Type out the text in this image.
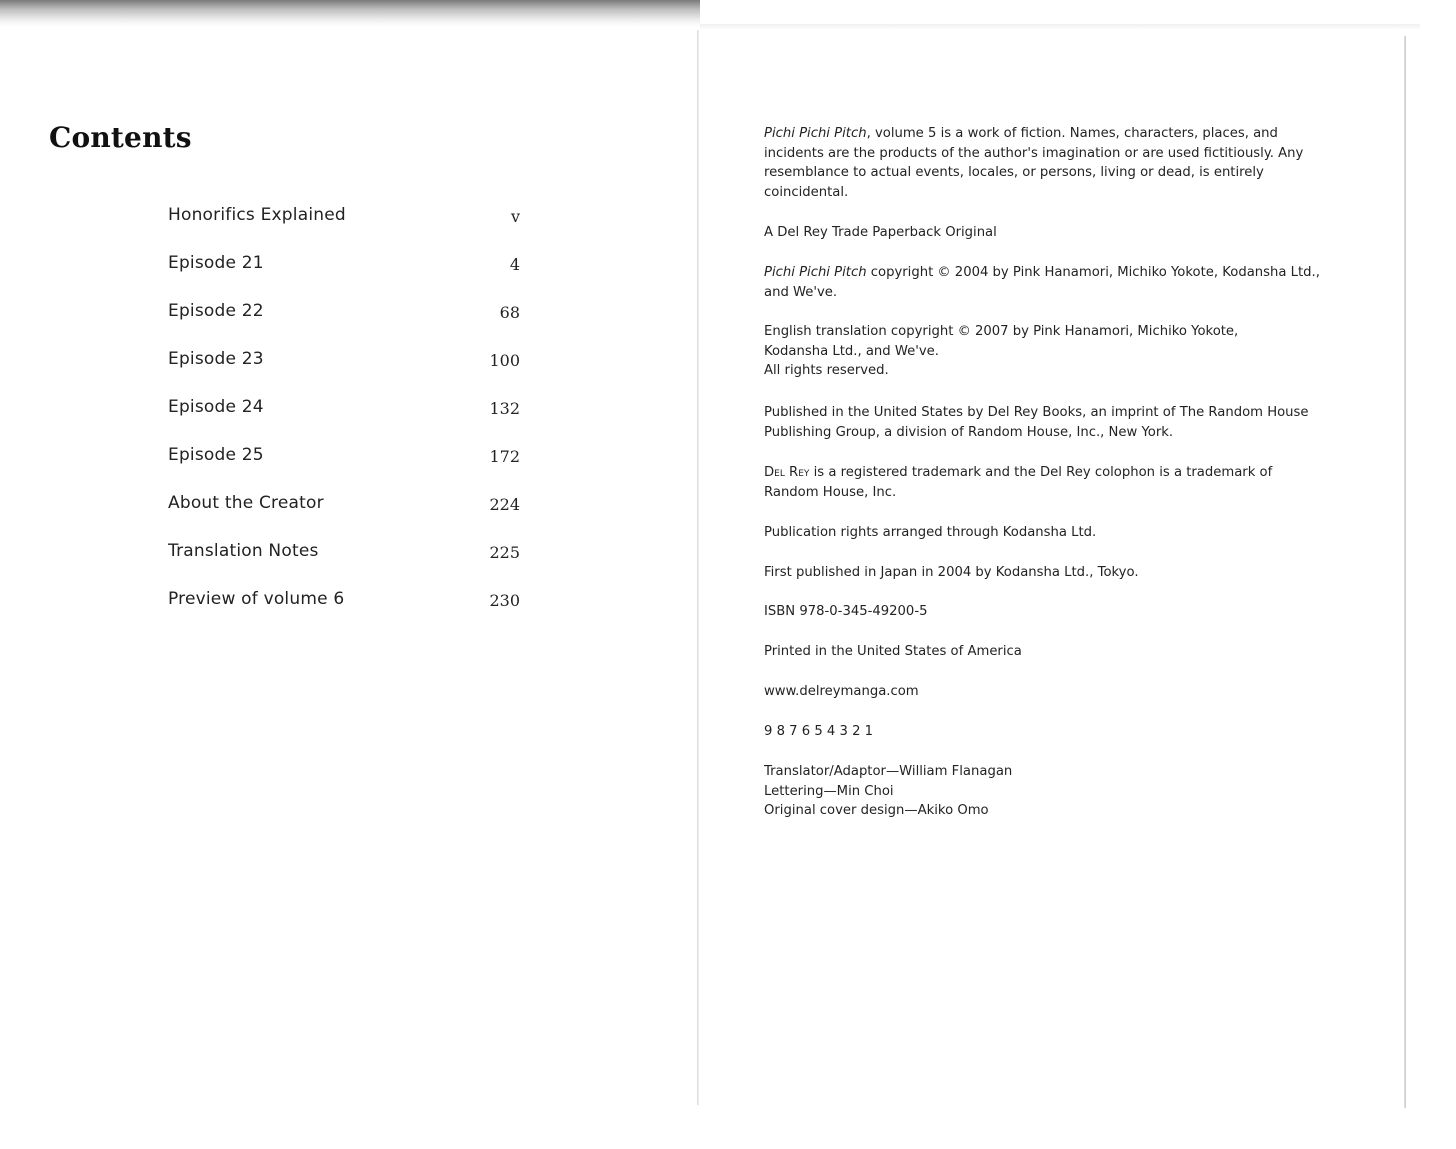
Contents
Honorifics Explained	v
Episode 21	4
Episode 22	68
Episode 23	100
Episode 24	132
Episode 25	172
About the Creator	224
Translation Notes	225
Preview of volume 6	230

Pichi Pichi Pitch, volume 5 is a work of fiction. Names, characters, places, and incidents are the products of the author's imagination or are used fictitiously. Any resemblance to actual events, locales, or persons, living or dead, is entirely coincidental.

A Del Rey Trade Paperback Original

Pichi Pichi Pitch copyright © 2004 by Pink Hanamori, Michiko Yokote, Kodansha Ltd., and We've.

English translation copyright © 2007 by Pink Hanamori, Michiko Yokote,

Kodansha Ltd., and We've.

All rights reserved.

Published in the United States by Del Rey Books, an imprint of The Random House Publishing Group, a division of Random House, Inc., New York.

Del Rey is a registered trademark and the Del Rey colophon is a trademark of Random House, Inc.

Publication rights arranged through Kodansha Ltd.

First published in Japan in 2004 by Kodansha Ltd., Tokyo.

ISBN 978-0-345-49200-5

Printed in the United States of America

www.delreymanga.com

9 8 7 6 5 4 3 2 1

Translator/Adaptor—William Flanagan

Lettering—Min Choi

Original cover design—Akiko Omo
